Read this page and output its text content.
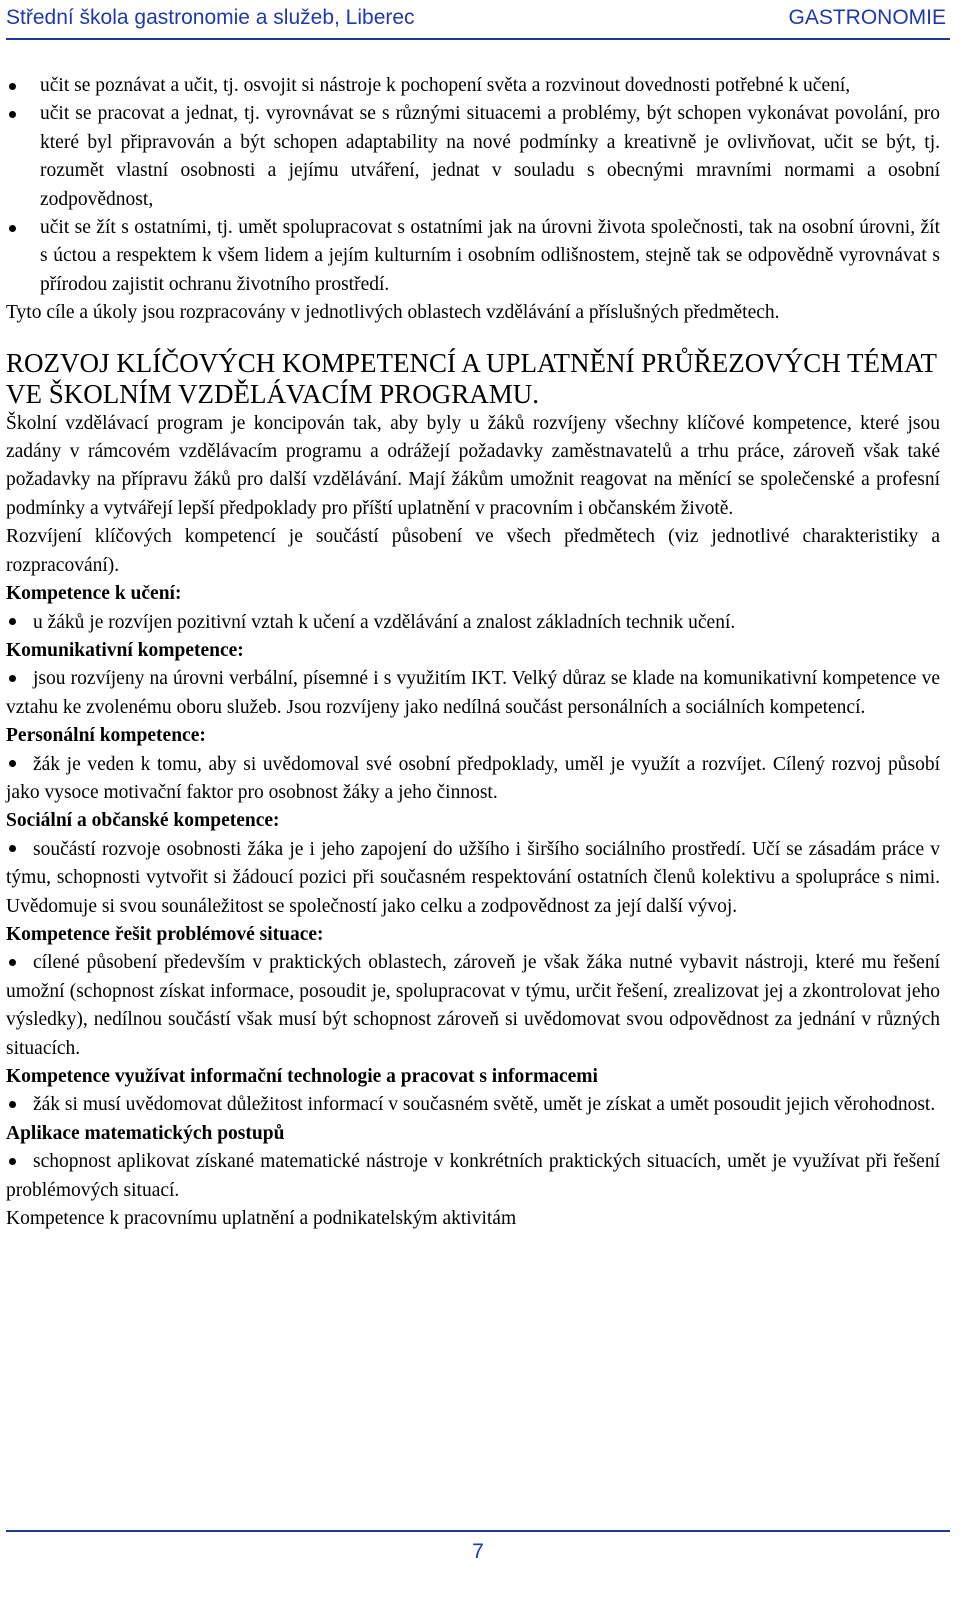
Střední škola gastronomie a služeb, Liberec	GASTRONOMIE
učit se poznávat a učit, tj. osvojit si nástroje k pochopení světa a rozvinout dovednosti potřebné k učení,
učit se pracovat a jednat, tj. vyrovnávat se s různými situacemi a problémy, být schopen vykonávat povolání, pro které byl připravován a být schopen adaptability na nové podmínky a kreativně je ovlivňovat, učit se být, tj. rozumět vlastní osobnosti a jejímu utváření, jednat v souladu s obecnými mravními normami a osobní zodpovědnost,
učit se žít s ostatními, tj. umět spolupracovat s ostatními jak na úrovni života společnosti, tak na osobní úrovni, žít s úctou a respektem k všem lidem a jejím kulturním i osobním odlišnostem, stejně tak se odpovědně vyrovnávat s přírodou zajistit ochranu životního prostředí.

Tyto cíle a úkoly jsou rozpracovány v jednotlivých oblastech vzdělávání a příslušných předmětech.

ROZVOJ KLÍČOVÝCH KOMPETENCÍ A UPLATNĚNÍ PRŮŘEZOVÝCH TÉMAT VE ŠKOLNÍM VZDĚLÁVACÍM PROGRAMU.

Školní vzdělávací program je koncipován tak, aby byly u žáků rozvíjeny všechny klíčové kompetence, které jsou zadány v rámcovém vzdělávacím programu a odrážejí požadavky zaměstnavatelů a trhu práce, zároveň však také požadavky na přípravu žáků pro další vzdělávání. Mají žákům umožnit reagovat na měnící se společenské a profesní podmínky a vytvářejí lepší předpoklady pro příští uplatnění v pracovním i občanském životě.

Rozvíjení klíčových kompetencí je součástí působení ve všech předmětech (viz jednotlivé charakteristiky a rozpracování).

Kompetence k učení:
u žáků je rozvíjen pozitivní vztah k učení a vzdělávání a znalost základních technik učení.
Komunikativní kompetence:
jsou rozvíjeny na úrovni verbální, písemné i s využitím IKT. Velký důraz se klade na komunikativní kompetence ve vztahu ke zvolenému oboru služeb. Jsou rozvíjeny jako nedílná součást personálních a sociálních kompetencí.
Personální kompetence:
žák je veden k tomu, aby si uvědomoval své osobní předpoklady, uměl je využít a rozvíjet. Cílený rozvoj působí jako vysoce motivační faktor pro osobnost žáky a jeho činnost.
Sociální a občanské kompetence:
součástí rozvoje osobnosti žáka je i jeho zapojení do užšího i širšího sociálního prostředí. Učí se zásadám práce v týmu, schopnosti vytvořit si žádoucí pozici při současném respektování ostatních členů kolektivu a spolupráce s nimi. Uvědomuje si svou sounáležitost se společností jako celku a zodpovědnost za její další vývoj.
Kompetence řešit problémové situace:
cílené působení především v praktických oblastech, zároveň je však žáka nutné vybavit nástroji, které mu řešení umožní (schopnost získat informace, posoudit je, spolupracovat v týmu, určit řešení, zrealizovat jej a zkontrolovat jeho výsledky), nedílnou součástí však musí být schopnost zároveň si uvědomovat svou odpovědnost za jednání v různých situacích.
Kompetence využívat informační technologie a pracovat s informacemi
žák si musí uvědomovat důležitost informací v současném světě, umět je získat a umět posoudit jejich věrohodnost.
Aplikace matematických postupů
schopnost aplikovat získané matematické nástroje v konkrétních praktických situacích, umět je využívat při řešení problémových situací.

Kompetence k pracovnímu uplatnění a podnikatelským aktivitám

7
